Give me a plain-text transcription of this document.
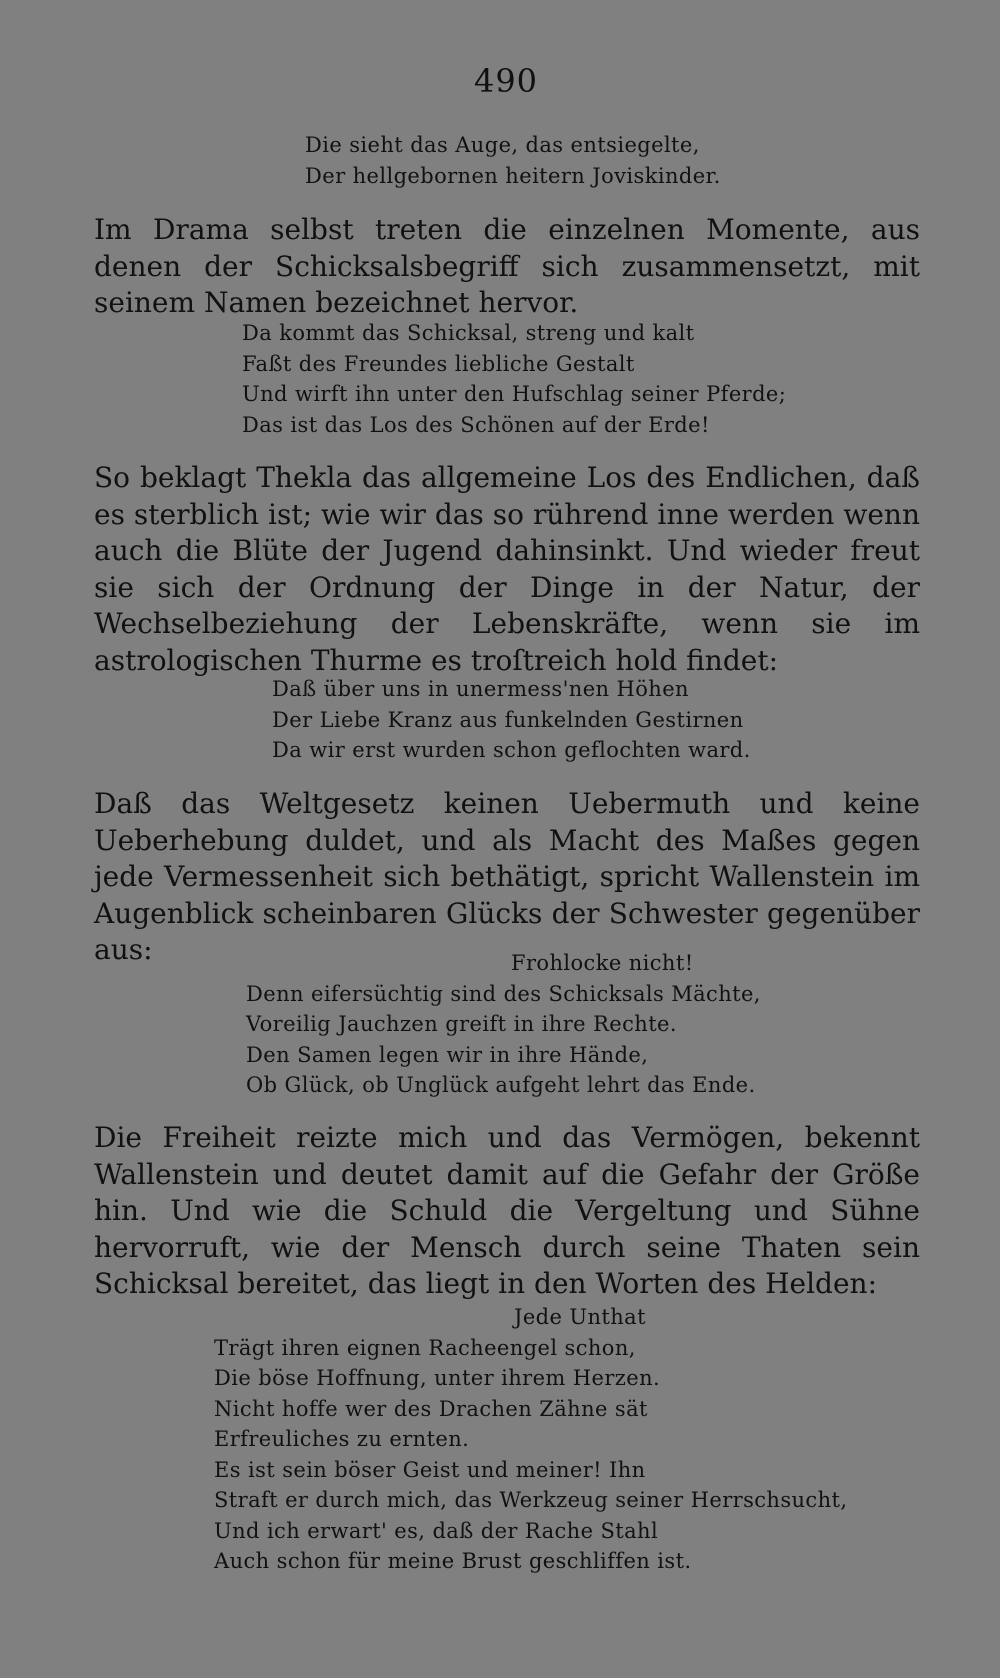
490
Die sieht das Auge, das entsiegelte,
Der hellgebornen heitern Joviskinder.

Im Drama selbst treten die einzelnen Momente, aus denen der Schicksalsbegriff sich zusammensetzt, mit seinem Namen bezeichnet hervor.

Da kommt das Schicksal, streng und kalt
Faßt des Freundes liebliche Gestalt
Und wirft ihn unter den Hufschlag seiner Pferde;
Das ist das Los des Schönen auf der Erde!

So beklagt Thekla das allgemeine Los des Endlichen, daß es sterblich ist; wie wir das so rührend inne werden wenn auch die Blüte der Jugend dahinsinkt. Und wieder freut sie sich der Ordnung der Dinge in der Natur, der Wechselbeziehung der Lebenskräfte, wenn sie im astrologischen Thurme es troſtreich hold findet:

Daß über uns in unermess'nen Höhen
Der Liebe Kranz aus funkelnden Gestirnen
Da wir erst wurden schon geflochten ward.

Daß das Weltgesetz keinen Uebermuth und keine Ueberhebung duldet, und als Macht des Maßes gegen jede Vermessenheit sich bethätigt, spricht Wallenstein im Augenblick scheinbaren Glücks der Schwester gegenüber aus:	Frohlocke nicht!
Denn eifersüchtig sind des Schicksals Mächte,
Voreilig Jauchzen greift in ihre Rechte.
Den Samen legen wir in ihre Hände,
Ob Glück, ob Unglück aufgeht lehrt das Ende.

Die Freiheit reizte mich und das Vermögen, bekennt Wallenstein und deutet damit auf die Gefahr der Größe hin. Und wie die Schuld die Vergeltung und Sühne hervorruft, wie der Mensch durch seine Thaten sein Schicksal bereitet, das liegt in den Worten des Helden:

Jede Unthat
Trägt ihren eignen Racheengel schon,
Die böse Hoffnung, unter ihrem Herzen.
Nicht hoffe wer des Drachen Zähne sät
Erfreuliches zu ernten.
Es ist sein böser Geist und meiner! Ihn
Straft er durch mich, das Werkzeug seiner Herrschsucht,
Und ich erwart' es, daß der Rache Stahl
Auch schon für meine Brust geschliffen ist.
